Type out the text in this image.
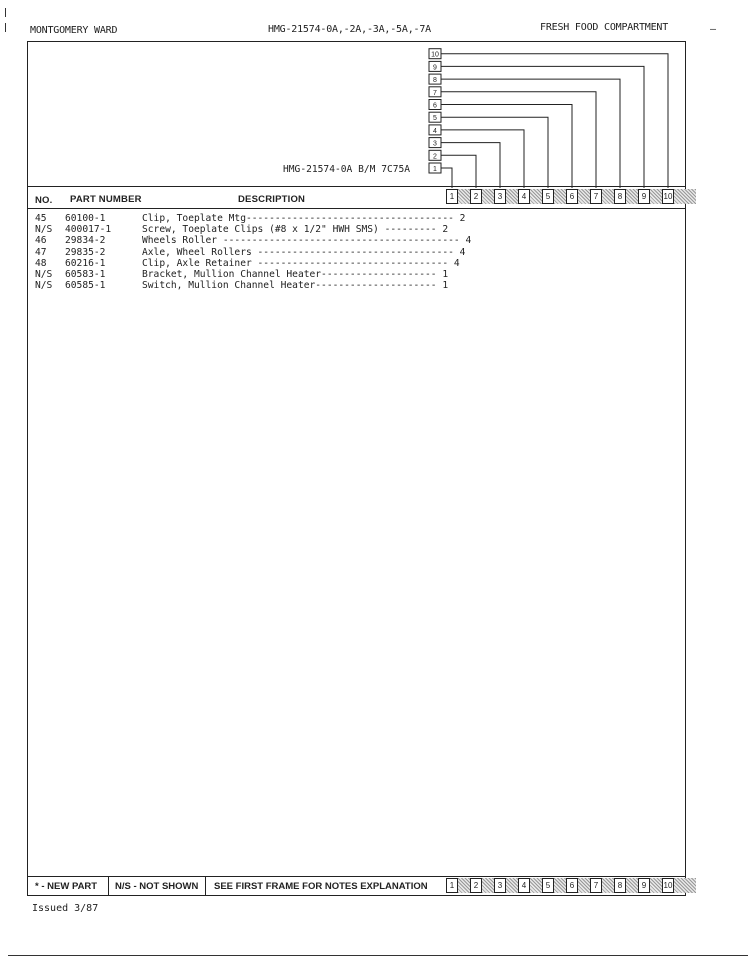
MONTGOMERY WARD	HMG-21574-0A,-2A,-3A,-5A,-7A	FRESH FOOD COMPARTMENT	—
1
2
3
4
5
6
7
8
9
10
HMG-21574-0A B/M 7C75A
NO. PART NUMBER	DESCRIPTION	1	2	3	4	5	6	7	8	9	10
45 60100-1	Clip, Toeplate Mtg------------------------------------ 2
N/S 400017-1	Screw, Toeplate Clips (#8 x 1/2" HWH SMS) --------- 2
46 29834-2	Wheels Roller ----------------------------------------- 4
47 29835-2	Axle, Wheel Rollers ---------------------------------- 4
48 60216-1	Clip, Axle Retainer --------------------------------- 4
N/S 60583-1	Bracket, Mullion Channel Heater-------------------- 1
N/S 60585-1	Switch, Mullion Channel Heater--------------------- 1
* - NEW PART N/S - NOT SHOWN SEE FIRST FRAME FOR NOTES EXPLANATION	1	2	3	4	5	6	7	8	9	10
Issued 3/87
